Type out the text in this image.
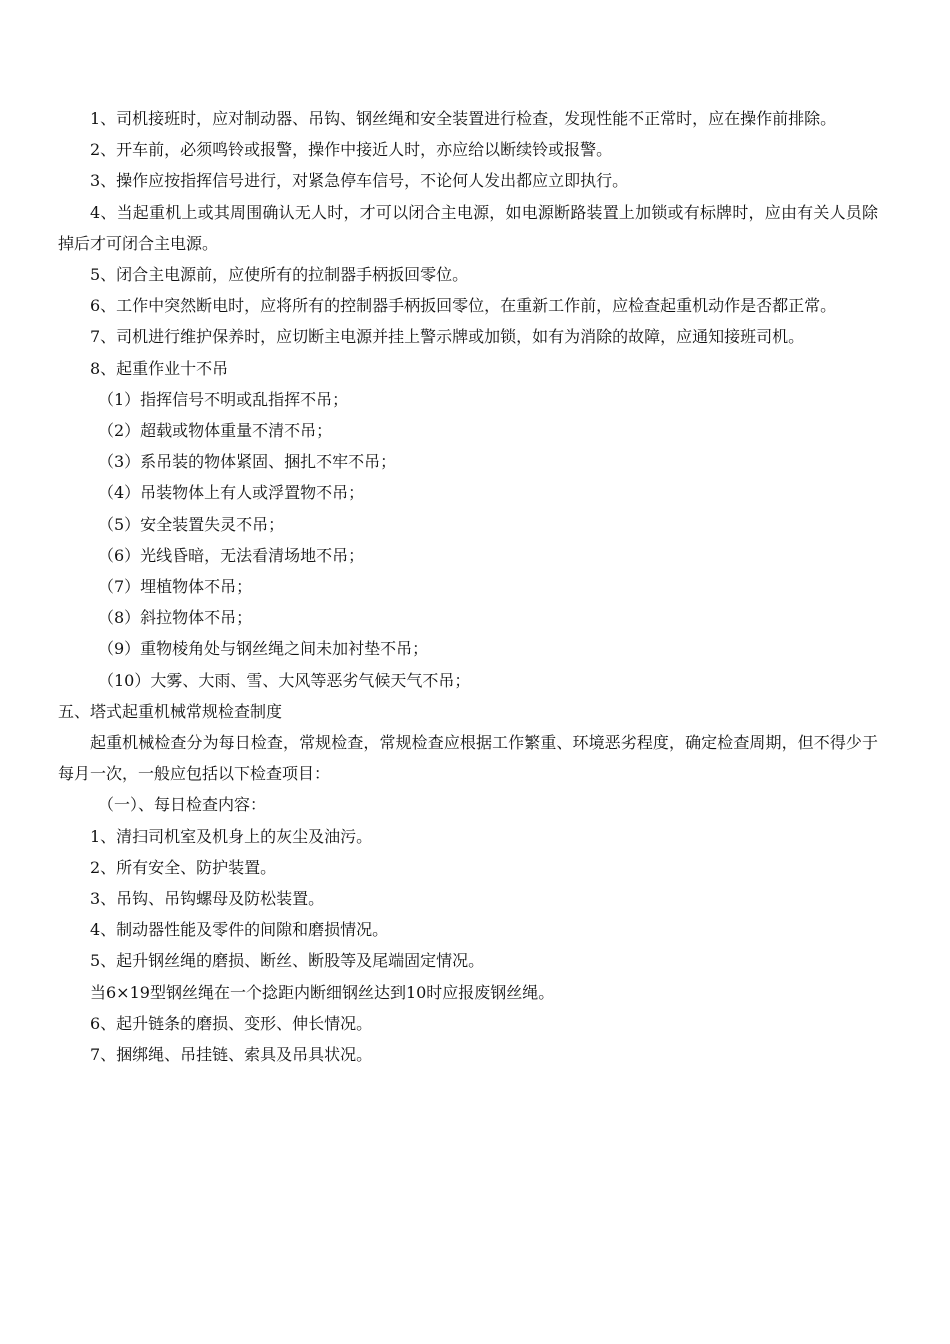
1、司机接班时，应对制动器、吊钩、钢丝绳和安全装置进行检查，发现性能不正常时，应在操作前排除。

2、开车前，必须鸣铃或报警，操作中接近人时，亦应给以断续铃或报警。

3、操作应按指挥信号进行，对紧急停车信号，不论何人发出都应立即执行。

4、当起重机上或其周围确认无人时，才可以闭合主电源，如电源断路装置上加锁或有标牌时，应由有关人员除掉后才可闭合主电源。

5、闭合主电源前，应使所有的拉制器手柄扳回零位。

6、工作中突然断电时，应将所有的控制器手柄扳回零位，在重新工作前，应检查起重机动作是否都正常。

7、司机进行维护保养时，应切断主电源并挂上警示牌或加锁，如有为消除的故障，应通知接班司机。

8、起重作业十不吊

（1）指挥信号不明或乱指挥不吊；

（2）超载或物体重量不清不吊；

（3）系吊装的物体紧固、捆扎不牢不吊；

（4）吊装物体上有人或浮置物不吊；

（5）安全装置失灵不吊；

（6）光线昏暗，无法看清场地不吊；

（7）埋植物体不吊；

（8）斜拉物体不吊；

（9）重物棱角处与钢丝绳之间未加衬垫不吊；

（10）大雾、大雨、雪、大风等恶劣气候天气不吊；

五、塔式起重机械常规检查制度

起重机械检查分为每日检查，常规检查，常规检查应根据工作繁重、环境恶劣程度，确定检查周期，但不得少于每月一次，一般应包括以下检查项目：

（一）、每日检查内容：

1、清扫司机室及机身上的灰尘及油污。

2、所有安全、防护装置。

3、吊钩、吊钩螺母及防松装置。

4、制动器性能及零件的间隙和磨损情况。

5、起升钢丝绳的磨损、断丝、断股等及尾端固定情况。

当6×19型钢丝绳在一个捻距内断细钢丝达到10时应报废钢丝绳。

6、起升链条的磨损、变形、伸长情况。

7、捆绑绳、吊挂链、索具及吊具状况。
